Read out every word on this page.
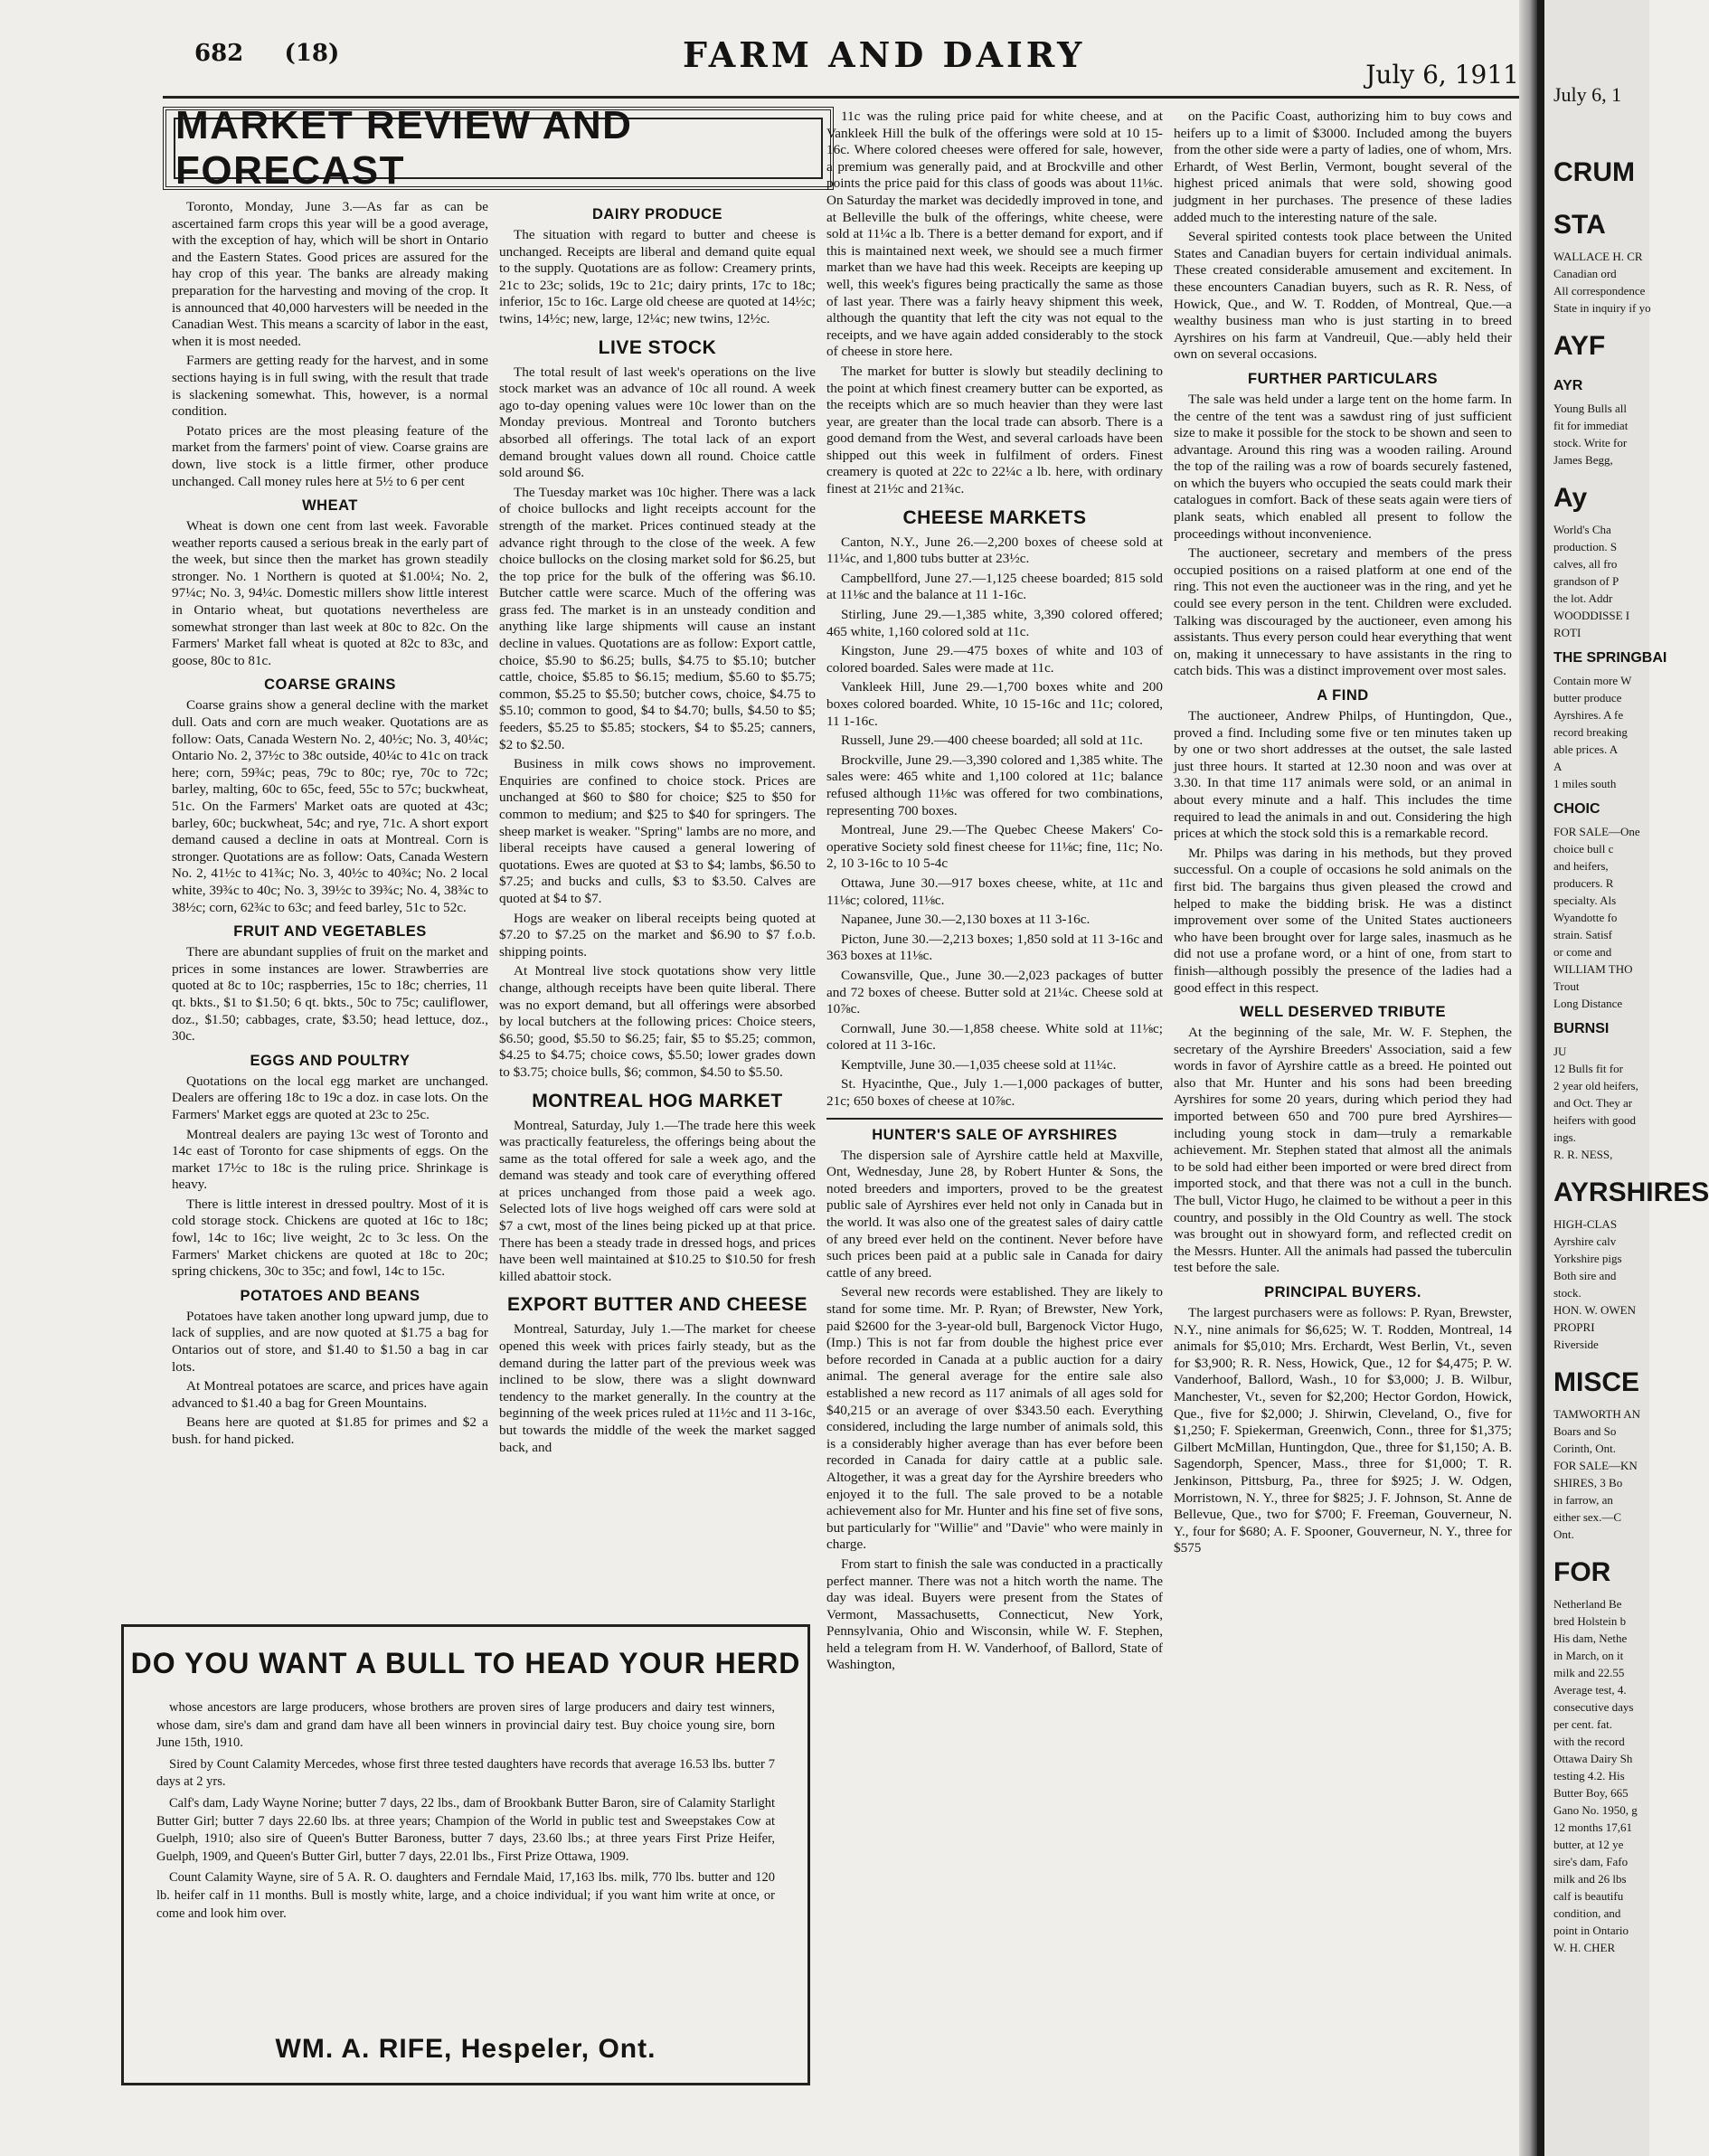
682     (18)	FARM AND DAIRY	July 6, 1911
MARKET REVIEW AND FORECAST

Toronto, Monday, June 3.—As far as can be ascertained farm crops this year will be a good average, with the exception of hay, which will be short in Ontario and the Eastern States. Good prices are assured for the hay crop of this year. The banks are already making preparation for the harvesting and moving of the crop. It is announced that 40,000 harvesters will be needed in the Canadian West. This means a scarcity of labor in the east, when it is most needed.

Farmers are getting ready for the harvest, and in some sections haying is in full swing, with the result that trade is slackening somewhat. This, however, is a normal condition.

Potato prices are the most pleasing feature of the market from the farmers' point of view. Coarse grains are down, live stock is a little firmer, other produce unchanged. Call money rules here at 5½ to 6 per cent

WHEAT

Wheat is down one cent from last week. Favorable weather reports caused a serious break in the early part of the week, but since then the market has grown steadily stronger. No. 1 Northern is quoted at $1.00¼; No. 2, 97¼c; No. 3, 94¼c. Domestic millers show little interest in Ontario wheat, but quotations nevertheless are somewhat stronger than last week at 80c to 82c. On the Farmers' Market fall wheat is quoted at 82c to 83c, and goose, 80c to 81c.

COARSE GRAINS

Coarse grains show a general decline with the market dull. Oats and corn are much weaker. Quotations are as follow: Oats, Canada Western No. 2, 40½c; No. 3, 40¼c; Ontario No. 2, 37½c to 38c outside, 40¼c to 41c on track here; corn, 59¾c; peas, 79c to 80c; rye, 70c to 72c; barley, malting, 60c to 65c, feed, 55c to 57c; buckwheat, 51c. On the Farmers' Market oats are quoted at 43c; barley, 60c; buckwheat, 54c; and rye, 71c. A short export demand caused a decline in oats at Montreal. Corn is stronger. Quotations are as follow: Oats, Canada Western No. 2, 41½c to 41¾c; No. 3, 40½c to 40¾c; No. 2 local white, 39¾c to 40c; No. 3, 39½c to 39¾c; No. 4, 38¾c to 38½c; corn, 62¾c to 63c; and feed barley, 51c to 52c.

FRUIT AND VEGETABLES

There are abundant supplies of fruit on the market and prices in some instances are lower. Strawberries are quoted at 8c to 10c; raspberries, 15c to 18c; cherries, 11 qt. bkts., $1 to $1.50; 6 qt. bkts., 50c to 75c; cauliflower, doz., $1.50; cabbages, crate, $3.50; head lettuce, doz., 30c.

EGGS AND POULTRY

Quotations on the local egg market are unchanged. Dealers are offering 18c to 19c a doz. in case lots. On the Farmers' Market eggs are quoted at 23c to 25c.

Montreal dealers are paying 13c west of Toronto and 14c east of Toronto for case shipments of eggs. On the market 17½c to 18c is the ruling price. Shrinkage is heavy.

There is little interest in dressed poultry. Most of it is cold storage stock. Chickens are quoted at 16c to 18c; fowl, 14c to 16c; live weight, 2c to 3c less. On the Farmers' Market chickens are quoted at 18c to 20c; spring chickens, 30c to 35c; and fowl, 14c to 15c.

POTATOES AND BEANS

Potatoes have taken another long upward jump, due to lack of supplies, and are now quoted at $1.75 a bag for Ontarios out of store, and $1.40 to $1.50 a bag in car lots.

At Montreal potatoes are scarce, and prices have again advanced to $1.40 a bag for Green Mountains.

Beans here are quoted at $1.85 for primes and $2 a bush. for hand picked.

DAIRY PRODUCE

The situation with regard to butter and cheese is unchanged. Receipts are liberal and demand quite equal to the supply. Quotations are as follow: Creamery prints, 21c to 23c; solids, 19c to 21c; dairy prints, 17c to 18c; inferior, 15c to 16c. Large old cheese are quoted at 14½c; twins, 14½c; new, large, 12¼c; new twins, 12½c.

LIVE STOCK

The total result of last week's operations on the live stock market was an advance of 10c all round. A week ago to-day opening values were 10c lower than on the Monday previous. Montreal and Toronto butchers absorbed all offerings. The total lack of an export demand brought values down all round. Choice cattle sold around $6.

The Tuesday market was 10c higher. There was a lack of choice bullocks and light receipts account for the strength of the market. Prices continued steady at the advance right through to the close of the week. A few choice bullocks on the closing market sold for $6.25, but the top price for the bulk of the offering was $6.10. Butcher cattle were scarce. Much of the offering was grass fed. The market is in an unsteady condition and anything like large shipments will cause an instant decline in values. Quotations are as follow: Export cattle, choice, $5.90 to $6.25; bulls, $4.75 to $5.10; butcher cattle, choice, $5.85 to $6.15; medium, $5.60 to $5.75; common, $5.25 to $5.50; butcher cows, choice, $4.75 to $5.10; common to good, $4 to $4.70; bulls, $4.50 to $5; feeders, $5.25 to $5.85; stockers, $4 to $5.25; canners, $2 to $2.50.

Business in milk cows shows no improvement. Enquiries are confined to choice stock. Prices are unchanged at $60 to $80 for choice; $25 to $50 for common to medium; and $25 to $40 for springers. The sheep market is weaker. "Spring" lambs are no more, and liberal receipts have caused a general lowering of quotations. Ewes are quoted at $3 to $4; lambs, $6.50 to $7.25; and bucks and culls, $3 to $3.50. Calves are quoted at $4 to $7.

Hogs are weaker on liberal receipts being quoted at $7.20 to $7.25 on the market and $6.90 to $7 f.o.b. shipping points.

At Montreal live stock quotations show very little change, although receipts have been quite liberal. There was no export demand, but all offerings were absorbed by local butchers at the following prices: Choice steers, $6.50; good, $5.50 to $6.25; fair, $5 to $5.25; common, $4.25 to $4.75; choice cows, $5.50; lower grades down to $3.75; choice bulls, $6; common, $4.50 to $5.50.

MONTREAL HOG MARKET

Montreal, Saturday, July 1.—The trade here this week was practically featureless, the offerings being about the same as the total offered for sale a week ago, and the demand was steady and took care of everything offered at prices unchanged from those paid a week ago. Selected lots of live hogs weighed off cars were sold at $7 a cwt, most of the lines being picked up at that price. There has been a steady trade in dressed hogs, and prices have been well maintained at $10.25 to $10.50 for fresh killed abattoir stock.

EXPORT BUTTER AND CHEESE

Montreal, Saturday, July 1.—The market for cheese opened this week with prices fairly steady, but as the demand during the latter part of the previous week was inclined to be slow, there was a slight downward tendency to the market generally. In the country at the beginning of the week prices ruled at 11½c and 11 3-16c, but towards the middle of the week the market sagged back, and

11c was the ruling price paid for white cheese, and at Vankleek Hill the bulk of the offerings were sold at 10 15-16c. Where colored cheeses were offered for sale, however, a premium was generally paid, and at Brockville and other points the price paid for this class of goods was about 11⅛c. On Saturday the market was decidedly improved in tone, and at Belleville the bulk of the offerings, white cheese, were sold at 11¼c a lb. There is a better demand for export, and if this is maintained next week, we should see a much firmer market than we have had this week. Receipts are keeping up well, this week's figures being practically the same as those of last year. There was a fairly heavy shipment this week, although the quantity that left the city was not equal to the receipts, and we have again added considerably to the stock of cheese in store here.

The market for butter is slowly but steadily declining to the point at which finest creamery butter can be exported, as the receipts which are so much heavier than they were last year, are greater than the local trade can absorb. There is a good demand from the West, and several carloads have been shipped out this week in fulfilment of orders. Finest creamery is quoted at 22c to 22¼c a lb. here, with ordinary finest at 21½c and 21¾c.

CHEESE MARKETS

Canton, N.Y., June 26.—2,200 boxes of cheese sold at 11¼c, and 1,800 tubs butter at 23½c.

Campbellford, June 27.—1,125 cheese boarded; 815 sold at 11⅛c and the balance at 11 1-16c.

Stirling, June 29.—1,385 white, 3,390 colored offered; 465 white, 1,160 colored sold at 11c.

Kingston, June 29.—475 boxes of white and 103 of colored boarded. Sales were made at 11c.

Vankleek Hill, June 29.—1,700 boxes white and 200 boxes colored boarded. White, 10 15-16c and 11c; colored, 11 1-16c.

Russell, June 29.—400 cheese boarded; all sold at 11c.

Brockville, June 29.—3,390 colored and 1,385 white. The sales were: 465 white and 1,100 colored at 11c; balance refused although 11⅛c was offered for two combinations, representing 700 boxes.

Montreal, June 29.—The Quebec Cheese Makers' Co-operative Society sold finest cheese for 11⅛c; fine, 11c; No. 2, 10 3-16c to 10 5-4c

Ottawa, June 30.—917 boxes cheese, white, at 11c and 11⅛c; colored, 11⅛c.

Napanee, June 30.—2,130 boxes at 11 3-16c.

Picton, June 30.—2,213 boxes; 1,850 sold at 11 3-16c and 363 boxes at 11⅛c.

Cowansville, Que., June 30.—2,023 packages of butter and 72 boxes of cheese. Butter sold at 21¼c. Cheese sold at 10⅞c.

Cornwall, June 30.—1,858 cheese. White sold at 11⅛c; colored at 11 3-16c.

Kemptville, June 30.—1,035 cheese sold at 11¼c.

St. Hyacinthe, Que., July 1.—1,000 packages of butter, 21c; 650 boxes of cheese at 10⅞c.

HUNTER'S SALE OF AYRSHIRES

The dispersion sale of Ayrshire cattle held at Maxville, Ont, Wednesday, June 28, by Robert Hunter & Sons, the noted breeders and importers, proved to be the greatest public sale of Ayrshires ever held not only in Canada but in the world. It was also one of the greatest sales of dairy cattle of any breed ever held on the continent. Never before have such prices been paid at a public sale in Canada for dairy cattle of any breed.

Several new records were established. They are likely to stand for some time. Mr. P. Ryan; of Brewster, New York, paid $2600 for the 3-year-old bull, Bargenock Victor Hugo, (Imp.) This is not far from double the highest price ever before recorded in Canada at a public auction for a dairy animal. The general average for the entire sale also established a new record as 117 animals of all ages sold for $40,215 or an average of over $343.50 each. Everything considered, including the large number of animals sold, this is a considerably higher average than has ever before been recorded in Canada for dairy cattle at a public sale. Altogether, it was a great day for the Ayrshire breeders who enjoyed it to the full. The sale proved to be a notable achievement also for Mr. Hunter and his fine set of five sons, but particularly for "Willie" and "Davie" who were mainly in charge.

From start to finish the sale was conducted in a practically perfect manner. There was not a hitch worth the name. The day was ideal. Buyers were present from the States of Vermont, Massachusetts, Connecticut, New York, Pennsylvania, Ohio and Wisconsin, while W. F. Stephen, held a telegram from H. W. Vanderhoof, of Ballord, State of Washington,

on the Pacific Coast, authorizing him to buy cows and heifers up to a limit of $3000. Included among the buyers from the other side were a party of ladies, one of whom, Mrs. Erhardt, of West Berlin, Vermont, bought several of the highest priced animals that were sold, showing good judgment in her purchases. The presence of these ladies added much to the interesting nature of the sale.

Several spirited contests took place between the United States and Canadian buyers for certain individual animals. These created considerable amusement and excitement. In these encounters Canadian buyers, such as R. R. Ness, of Howick, Que., and W. T. Rodden, of Montreal, Que.—a wealthy business man who is just starting in to breed Ayrshires on his farm at Vandreuil, Que.—ably held their own on several occasions.

FURTHER PARTICULARS

The sale was held under a large tent on the home farm. In the centre of the tent was a sawdust ring of just sufficient size to make it possible for the stock to be shown and seen to advantage. Around this ring was a wooden railing. Around the top of the railing was a row of boards securely fastened, on which the buyers who occupied the seats could mark their catalogues in comfort. Back of these seats again were tiers of plank seats, which enabled all present to follow the proceedings without inconvenience.

The auctioneer, secretary and members of the press occupied positions on a raised platform at one end of the ring. This not even the auctioneer was in the ring, and yet he could see every person in the tent. Children were excluded. Talking was discouraged by the auctioneer, even among his assistants. Thus every person could hear everything that went on, making it unnecessary to have assistants in the ring to catch bids. This was a distinct improvement over most sales.

A FIND

The auctioneer, Andrew Philps, of Huntingdon, Que., proved a find. Including some five or ten minutes taken up by one or two short addresses at the outset, the sale lasted just three hours. It started at 12.30 noon and was over at 3.30. In that time 117 animals were sold, or an animal in about every minute and a half. This includes the time required to lead the animals in and out. Considering the high prices at which the stock sold this is a remarkable record.

Mr. Philps was daring in his methods, but they proved successful. On a couple of occasions he sold animals on the first bid. The bargains thus given pleased the crowd and helped to make the bidding brisk. He was a distinct improvement over some of the United States auctioneers who have been brought over for large sales, inasmuch as he did not use a profane word, or a hint of one, from start to finish—although possibly the presence of the ladies had a good effect in this respect.

WELL DESERVED TRIBUTE

At the beginning of the sale, Mr. W. F. Stephen, the secretary of the Ayrshire Breeders' Association, said a few words in favor of Ayrshire cattle as a breed. He pointed out also that Mr. Hunter and his sons had been breeding Ayrshires for some 20 years, during which period they had imported between 650 and 700 pure bred Ayrshires—including young stock in dam—truly a remarkable achievement. Mr. Stephen stated that almost all the animals to be sold had either been imported or were bred direct from imported stock, and that there was not a cull in the bunch. The bull, Victor Hugo, he claimed to be without a peer in this country, and possibly in the Old Country as well. The stock was brought out in showyard form, and reflected credit on the Messrs. Hunter. All the animals had passed the tuberculin test before the sale.

PRINCIPAL BUYERS.

The largest purchasers were as follows: P. Ryan, Brewster, N.Y., nine animals for $6,625; W. T. Rodden, Montreal, 14 animals for $5,010; Mrs. Erchardt, West Berlin, Vt., seven for $3,900; R. R. Ness, Howick, Que., 12 for $4,475; P. W. Vanderhoof, Ballord, Wash., 10 for $3,000; J. B. Wilbur, Manchester, Vt., seven for $2,200; Hector Gordon, Howick, Que., five for $2,000; J. Shirwin, Cleveland, O., five for $1,250; F. Spiekerman, Greenwich, Conn., three for $1,375; Gilbert McMillan, Huntingdon, Que., three for $1,150; A. B. Sagendorph, Spencer, Mass., three for $1,000; T. R. Jenkinson, Pittsburg, Pa., three for $925; J. W. Odgen, Morristown, N. Y., three for $825; J. F. Johnson, St. Anne de Bellevue, Que., two for $700; F. Freeman, Gouverneur, N. Y., four for $680; A. F. Spooner, Gouverneur, N. Y., three for $575

DO YOU WANT A BULL TO HEAD YOUR HERD

whose ancestors are large producers, whose brothers are proven sires of large producers and dairy test winners, whose dam, sire's dam and grand dam have all been winners in provincial dairy test. Buy choice young sire, born June 15th, 1910.

Sired by Count Calamity Mercedes, whose first three tested daughters have records that average 16.53 lbs. butter 7 days at 2 yrs.

Calf's dam, Lady Wayne Norine; butter 7 days, 22 lbs., dam of Brookbank Butter Baron, sire of Calamity Starlight Butter Girl; butter 7 days 22.60 lbs. at three years; Champion of the World in public test and Sweepstakes Cow at Guelph, 1910; also sire of Queen's Butter Baroness, butter 7 days, 23.60 lbs.; at three years First Prize Heifer, Guelph, 1909, and Queen's Butter Girl, butter 7 days, 22.01 lbs., First Prize Ottawa, 1909.

Count Calamity Wayne, sire of 5 A. R. O. daughters and Ferndale Maid, 17,163 lbs. milk, 770 lbs. butter and 120 lb. heifer calf in 11 months. Bull is mostly white, large, and a choice individual; if you want him write at once, or come and look him over.

WM. A. RIFE, Hespeler, Ont.
July 6, 1
CRUM
STA
WALLACE H. CR
Canadian ord
All correspondence
State in inquiry if yo
AYF
AYR
Young Bulls all
fit for immediat
stock. Write for
James Begg,
Ay
World's Cha
production. S
calves, all fro
grandson of P
the lot. Addr
WOODDISSE I
ROTI
THE SPRINGBAI
Contain more W
butter produce
Ayrshires. A fe
record breaking
able prices. A
A
1 miles south
CHOIC
FOR SALE—One
choice bull c
and heifers,
producers. R
specialty. Als
Wyandotte fo
strain. Satisf
or come and
WILLIAM THO
Trout
Long Distance
BURNSI
JU
12 Bulls fit for
2 year old heifers,
and Oct. They ar
heifers with good
ings.
R. R. NESS,
AYRSHIRES
HIGH-CLAS
Ayrshire calv
Yorkshire pigs
Both sire and
stock.
HON. W. OWEN
PROPRI
Riverside
MISCE
TAMWORTH AN
Boars and So
Corinth, Ont.
FOR SALE—KN
SHIRES, 3 Bo
in farrow, an
either sex.—C
Ont.
FOR
Netherland Be
bred Holstein b
His dam, Nethe
in March, on it
milk and 22.55
Average test, 4.
consecutive days
per cent. fat.
with the record
Ottawa Dairy Sh
testing 4.2. His
Butter Boy, 665
Gano No. 1950, g
12 months 17,61
butter, at 12 ye
sire's dam, Fafo
milk and 26 lbs
calf is beautifu
condition, and
point in Ontario
W. H. CHER
